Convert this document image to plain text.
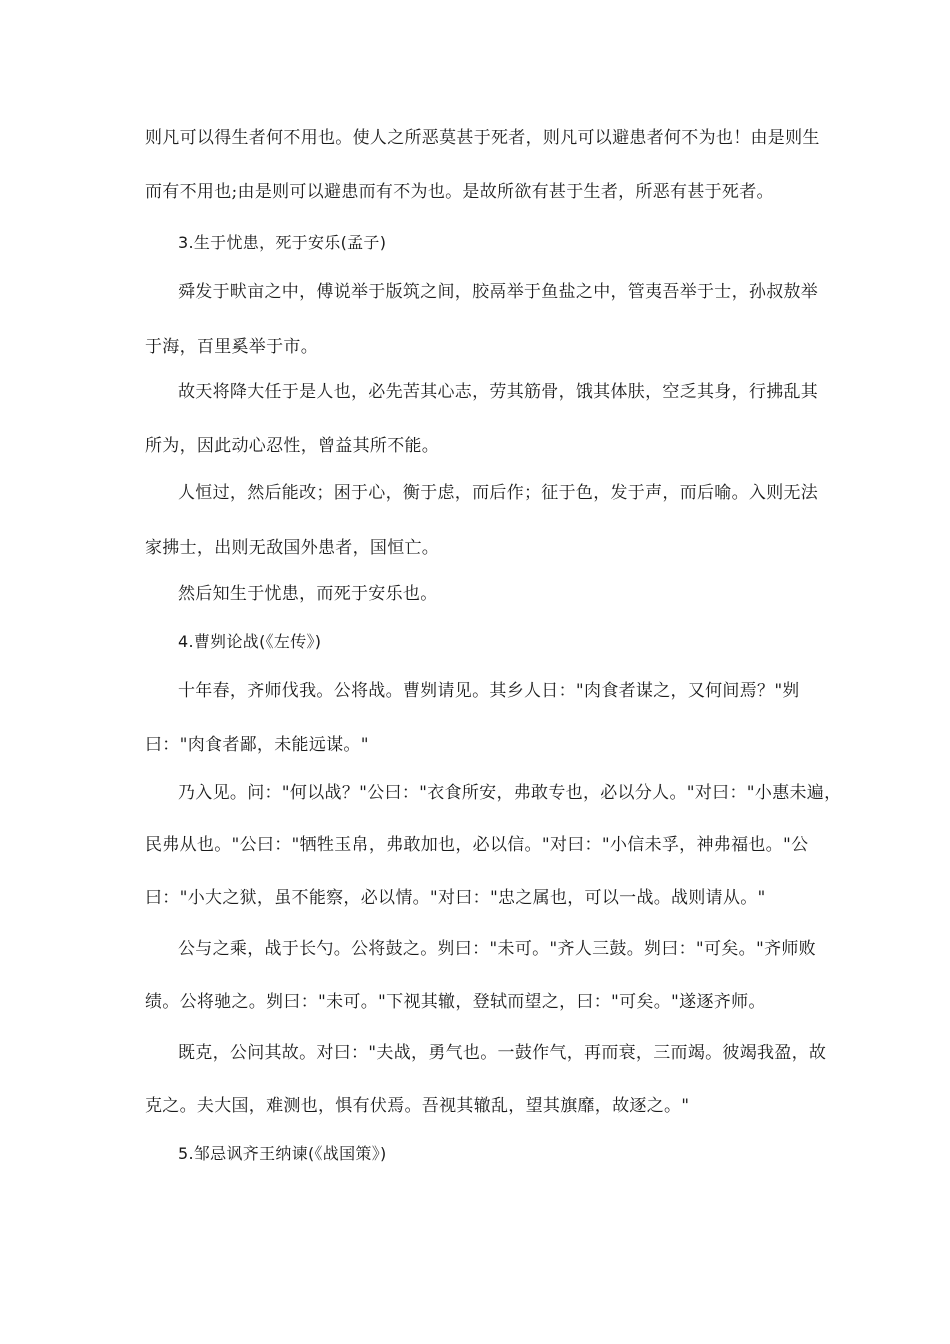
则凡可以得生者何不用也。使人之所恶莫甚于死者，则凡可以避患者何不为也！由是则生
而有不用也;由是则可以避患而有不为也。是故所欲有甚于生者，所恶有甚于死者。
3.生于忧患，死于安乐(孟子)
舜发于畎亩之中，傅说举于版筑之间，胶鬲举于鱼盐之中，管夷吾举于士，孙叔敖举
于海，百里奚举于市。
故天将降大任于是人也，必先苦其心志，劳其筋骨，饿其体肤，空乏其身，行拂乱其
所为，因此动心忍性，曾益其所不能。
人恒过，然后能改；困于心，衡于虑，而后作；征于色，发于声，而后喻。入则无法
家拂士，出则无敌国外患者，国恒亡。
然后知生于忧患，而死于安乐也。
4.曹刿论战(《左传》)
十年春，齐师伐我。公将战。曹刿请见。其乡人日："肉食者谋之，又何间焉？"刿
曰："肉食者鄙，未能远谋。"
乃入见。问："何以战？"公曰："衣食所安，弗敢专也，必以分人。"对曰："小惠未遍，
民弗从也。"公曰："牺牲玉帛，弗敢加也，必以信。"对曰："小信未孚，神弗福也。"公
曰："小大之狱，虽不能察，必以情。"对曰："忠之属也，可以一战。战则请从。"
公与之乘，战于长勺。公将鼓之。刿曰："未可。"齐人三鼓。刿曰："可矣。"齐师败
绩。公将驰之。刿曰："未可。"下视其辙，登轼而望之，曰："可矣。"遂逐齐师。
既克，公问其故。对曰："夫战，勇气也。一鼓作气，再而衰，三而竭。彼竭我盈，故
克之。夫大国，难测也，惧有伏焉。吾视其辙乱，望其旗靡，故逐之。"
5.邹忌讽齐王纳谏(《战国策》)
